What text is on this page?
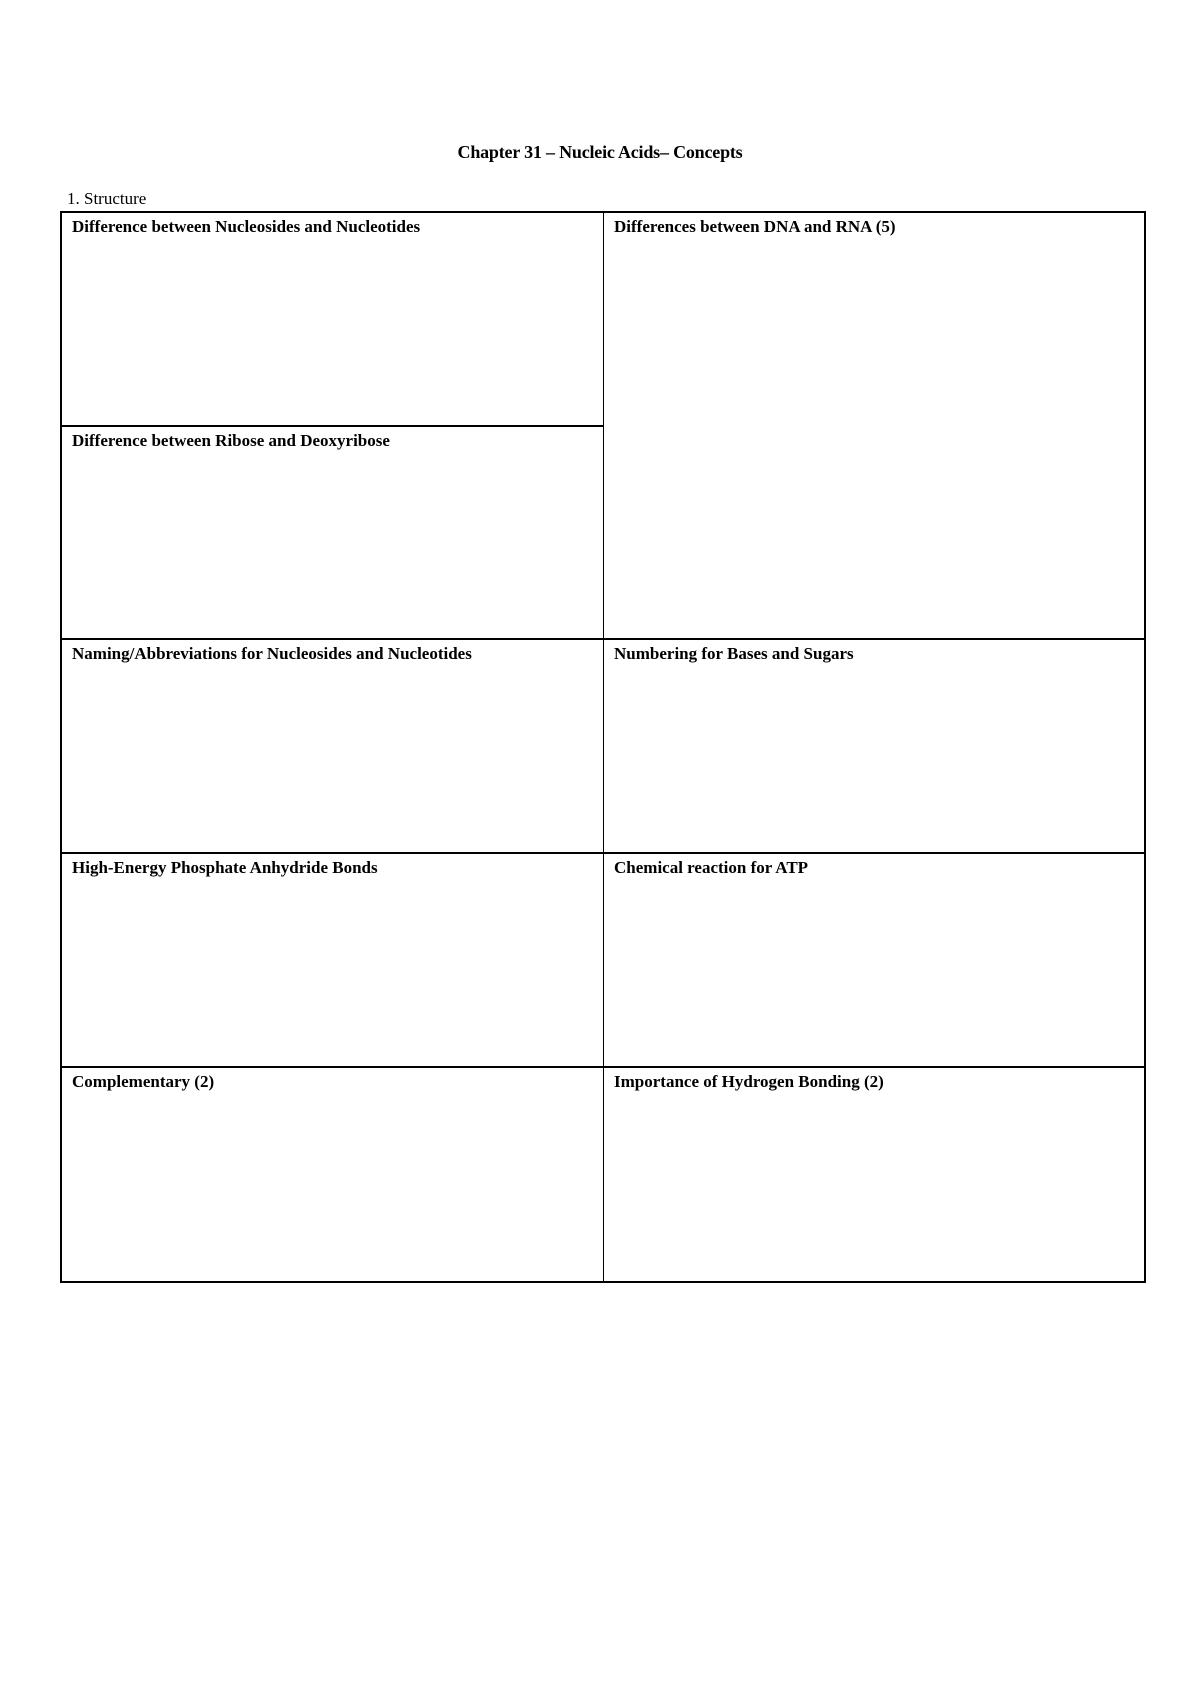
Chapter 31 – Nucleic Acids– Concepts
1. Structure
Difference between Nucleosides and Nucleotides	Differences between DNA and RNA (5)
Difference between Ribose and Deoxyribose
Naming/Abbreviations for Nucleosides and Nucleotides	Numbering for Bases and Sugars
High-Energy Phosphate Anhydride Bonds	Chemical reaction for ATP
Complementary (2)	Importance of Hydrogen Bonding (2)
